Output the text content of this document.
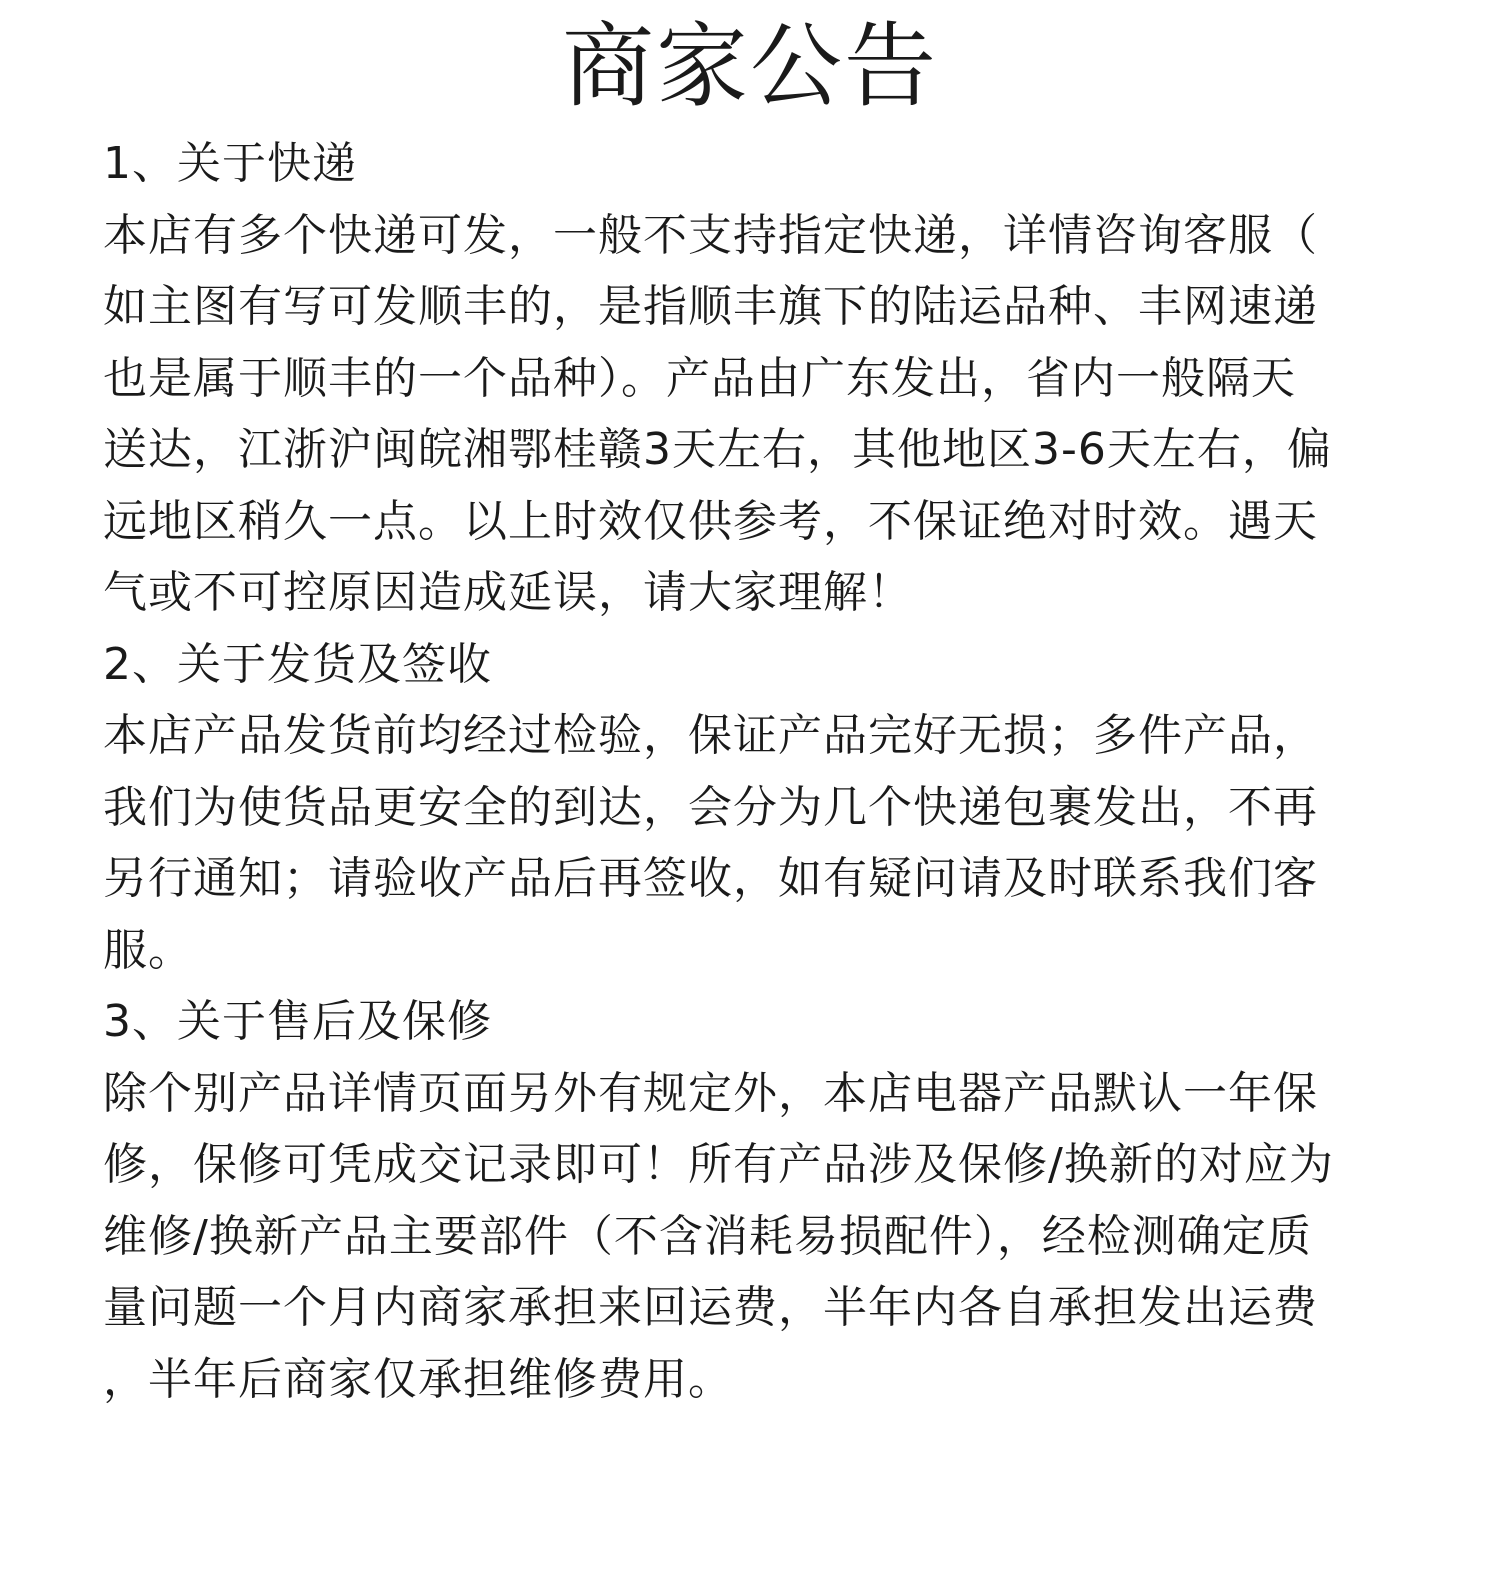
商家公告
1、关于快递
本店有多个快递可发，一般不支持指定快递，详情咨询客服（
如主图有写可发顺丰的，是指顺丰旗下的陆运品种、丰网速递
也是属于顺丰的一个品种）。产品由广东发出，省内一般隔天
送达，江浙沪闽皖湘鄂桂赣3天左右，其他地区3-6天左右，偏
远地区稍久一点。以上时效仅供参考，不保证绝对时效。遇天
气或不可控原因造成延误，请大家理解！
2、关于发货及签收
本店产品发货前均经过检验，保证产品完好无损；多件产品，
我们为使货品更安全的到达，会分为几个快递包裹发出，不再
另行通知；请验收产品后再签收，如有疑问请及时联系我们客
服。
3、关于售后及保修
除个别产品详情页面另外有规定外，本店电器产品默认一年保
修，保修可凭成交记录即可！所有产品涉及保修/换新的对应为
维修/换新产品主要部件（不含消耗易损配件），经检测确定质
量问题一个月内商家承担来回运费，半年内各自承担发出运费
，半年后商家仅承担维修费用。
